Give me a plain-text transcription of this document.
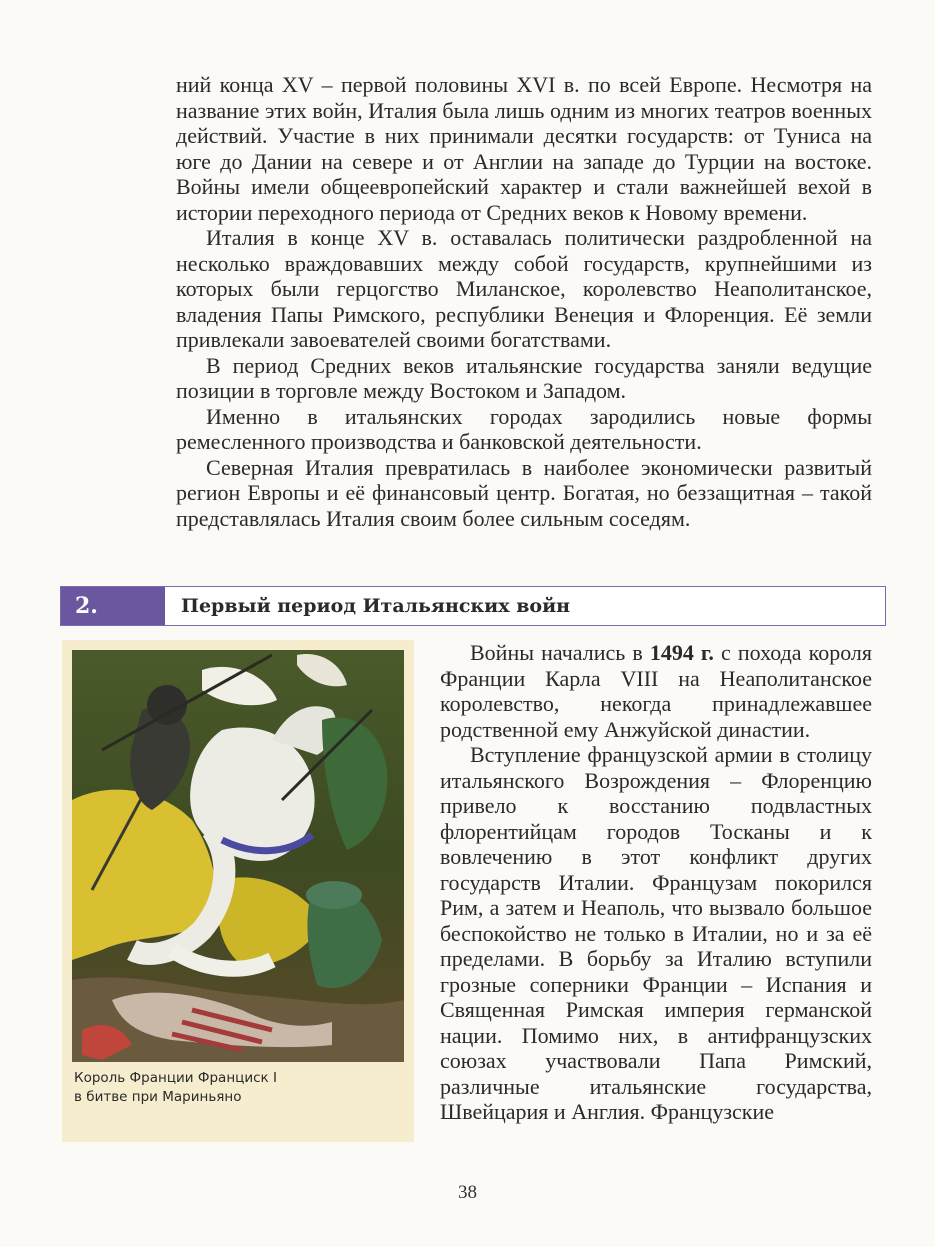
ний конца XV – первой половины XVI в. по всей Европе. Несмотря на название этих войн, Италия была лишь одним из многих театров военных действий. Участие в них принимали десятки государств: от Туниса на юге до Дании на севере и от Англии на западе до Турции на востоке. Войны имели общеевропейский характер и стали важнейшей вехой в истории переходного периода от Средних веков к Новому времени.

Италия в конце XV в. оставалась политически раздробленной на несколько враждовавших между собой государств, крупнейшими из которых были герцогство Миланское, королевство Неаполитанское, владения Папы Римского, республики Венеция и Флоренция. Её земли привлекали завоевателей своими богатствами.

В период Средних веков итальянские государства заняли ведущие позиции в торговле между Востоком и Западом.

Именно в итальянских городах зародились новые формы ремесленного производства и банковской деятельности.

Северная Италия превратилась в наиболее экономически развитый регион Европы и её финансовый центр. Богатая, но беззащитная – такой представлялась Италия своим более сильным соседям.

2.	Первый период Итальянских войн
Король Франции Франциск I
в битве при Мариньяно

Войны начались в 1494 г. с похода короля Франции Карла VIII на Неаполитанское королевство, некогда принадлежавшее родственной ему Анжуйской династии.

Вступление французской армии в столицу итальянского Возрождения – Флоренцию привело к восстанию подвластных флорентийцам городов Тосканы и к вовлечению в этот конфликт других государств Италии. Французам покорился Рим, а затем и Неаполь, что вызвало большое беспокойство не только в Италии, но и за её пределами. В борьбу за Италию вступили грозные соперники Франции – Испания и Священная Римская империя германской нации. Помимо них, в антифранцузских союзах участвовали Папа Римский, различные итальянские государства, Швейцария и Англия. Французские

38
